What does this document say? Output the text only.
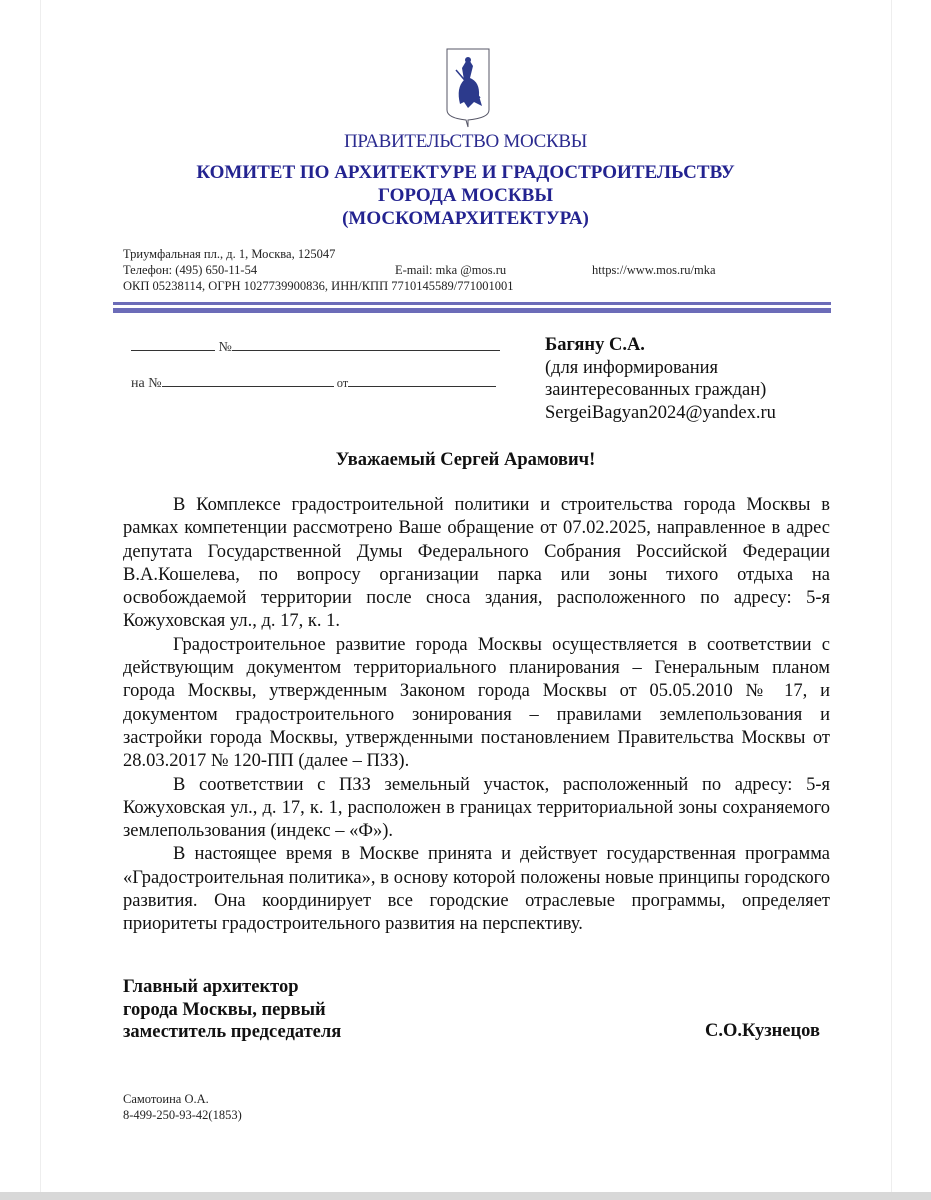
ПРАВИТЕЛЬСТВО МОСКВЫ
КОМИТЕТ ПО АРХИТЕКТУРЕ И ГРАДОСТРОИТЕЛЬСТВУ
ГОРОДА МОСКВЫ
(МОСКОМАРХИТЕКТУРА)
Триумфальная пл., д. 1, Москва, 125047
Телефон: (495) 650-11-54	E-mail: mka @mos.ru	https://www.mos.ru/mka
ОКП 05238114, ОГРН 1027739900836, ИНН/КПП 7710145589/771001001
№
на №	от
Багяну С.А.
(для информирования
заинтересованных граждан)
SergeiBagyan2024@yandex.ru
Уважаемый Сергей Арамович!

В Комплексе градостроительной политики и строительства города Москвы в рамках компетенции рассмотрено Ваше обращение от 07.02.2025, направленное в адрес депутата Государственной Думы Федерального Собрания Российской Федерации В.А.Кошелева, по вопросу организации парка или зоны тихого отдыха на освобождаемой территории после сноса здания, расположенного по адресу: 5-я Кожуховская ул., д. 17, к. 1.

Градостроительное развитие города Москвы осуществляется в соответствии с действующим документом территориального планирования – Генеральным планом города Москвы, утвержденным Законом города Москвы от 05.05.2010 № 17, и документом градостроительного зонирования – правилами землепользования и застройки города Москвы, утвержденными постановлением Правительства Москвы от 28.03.2017 № 120-ПП (далее – ПЗЗ).

В соответствии с ПЗЗ земельный участок, расположенный по адресу: 5-я Кожуховская ул., д. 17, к. 1, расположен в границах территориальной зоны сохраняемого землепользования (индекс – «Ф»).

В настоящее время в Москве принята и действует государственная программа «Градостроительная политика», в основу которой положены новые принципы городского развития. Она координирует все городские отраслевые программы, определяет приоритеты градостроительного развития на перспективу.

Главный архитектор
города Москвы, первый
заместитель председателя	С.О.Кузнецов
Самотоина О.А.
8-499-250-93-42(1853)
